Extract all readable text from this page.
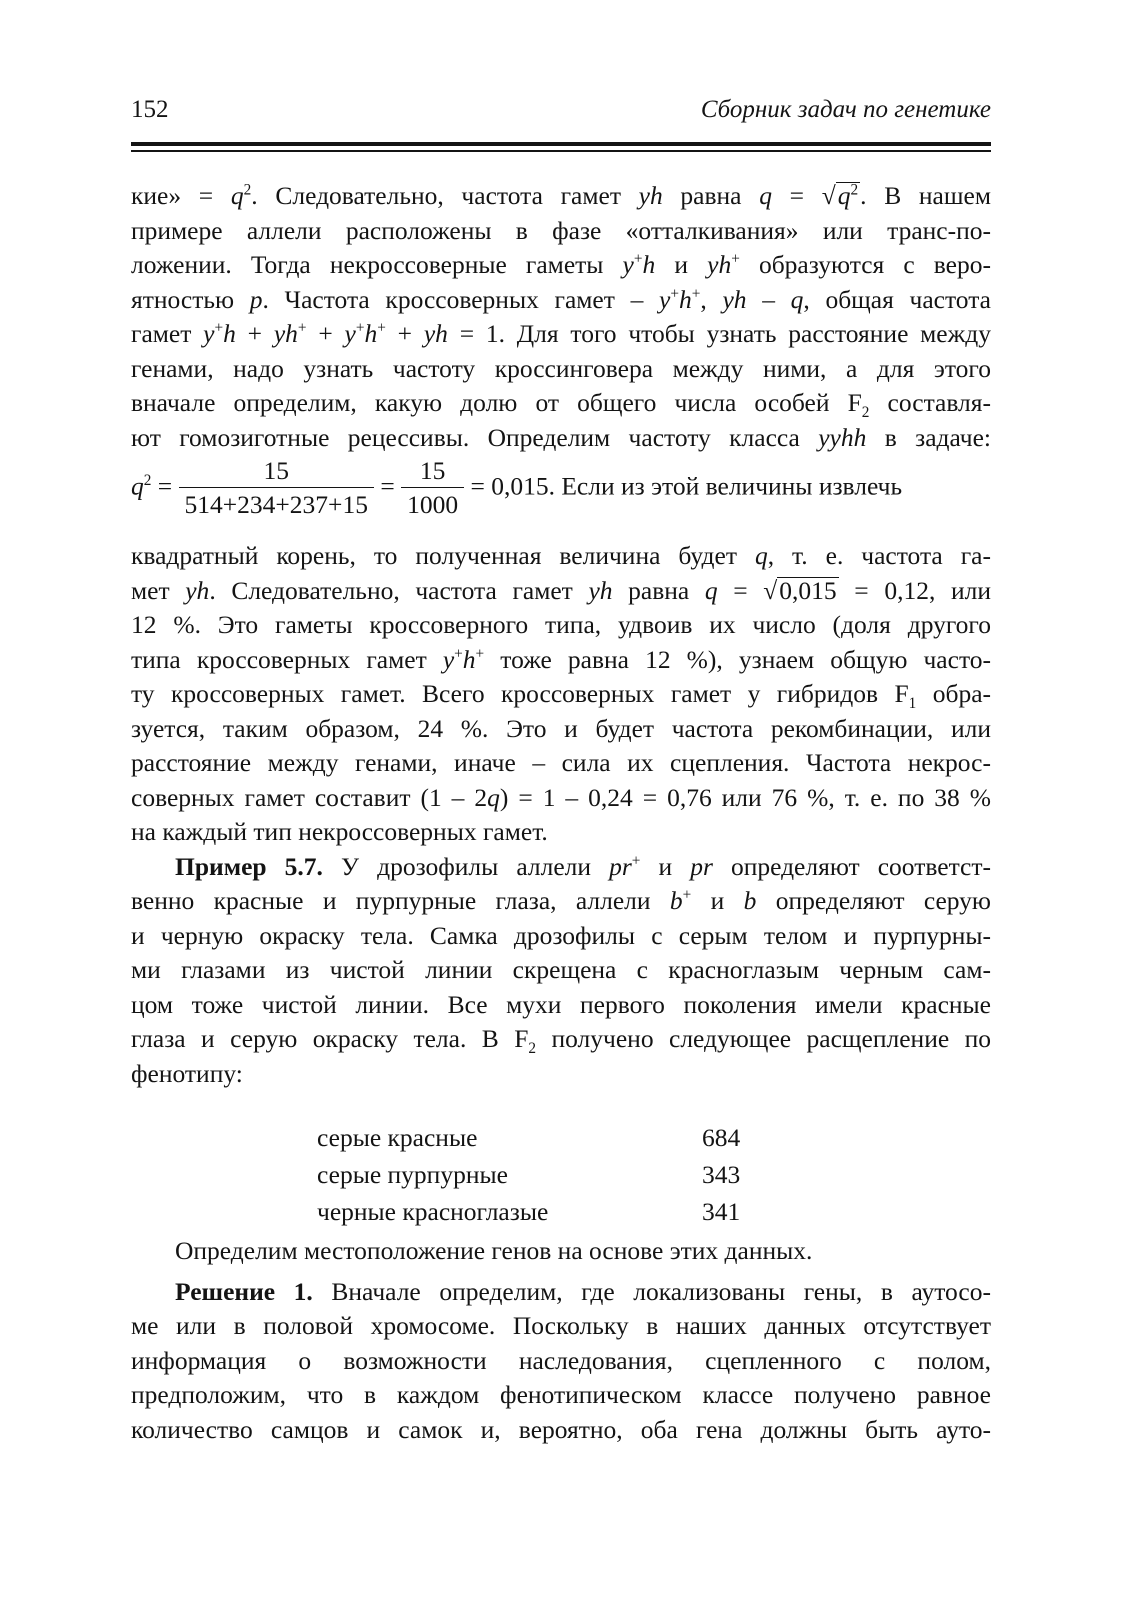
152	Сборник задач по генетике
кие» = $q^2$. Следовательно, частота гамет yh равна $q = √q^2$. В нашем
примере аллели расположены в фазе «отталкивания» или транс-по-
ложении. Тогда некроссоверные гаметы y+h и yh+ образуются с веро-
ятностью p. Частота кроссоверных гамет – y+h+, yh – q, общая частота
гамет y+h + yh+ + y+h+ + yh = 1. Для того чтобы узнать расстояние между
генами, надо узнать частоту кроссинговера между ними, а для этого
вначале определим, какую долю от общего числа особей $F_2$ составля-
ют гомозиготные рецессивы. Определим частоту класса yyhh в задаче:
$q^2 = \frac{15}{514+234+237+15} = \frac{15}{1000} = 0,015$. Если из этой величины извлечь
квадратный корень, то полученная величина будет q, т. е. частота га-
мет yh. Следовательно, частота гамет yh равна q = √0,015 = 0,12, или
12 %. Это гаметы кроссоверного типа, удвоив их число (доля другого
типа кроссоверных гамет y+h+ тоже равна 12 %), узнаем общую часто-
ту кроссоверных гамет. Всего кроссоверных гамет у гибридов $F_1$ обра-
зуется, таким образом, 24 %. Это и будет частота рекомбинации, или
расстояние между генами, иначе – сила их сцепления. Частота некрос-
соверных гамет составит (1 – 2q) = 1 – 0,24 = 0,76 или 76 %, т. е. по 38 %
на каждый тип некроссоверных гамет.
Пример 5.7. У дрозофилы аллели pr+ и pr определяют соответст-
венно красные и пурпурные глаза, аллели b+ и b определяют серую
и черную окраску тела. Самка дрозофилы с серым телом и пурпурны-
ми глазами из чистой линии скрещена с красноглазым черным сам-
цом тоже чистой линии. Все мухи первого поколения имели красные
глаза и серую окраску тела. В $F_2$ получено следующее расщепление по
фенотипу:
серые красные	684
серые пурпурные	343
черные красноглазые	341
Определим местоположение генов на основе этих данных.
Решение 1. Вначале определим, где локализованы гены, в аутосо-
ме или в половой хромосоме. Поскольку в наших данных отсутствует
информация о возможности наследования, сцепленного с полом,
предположим, что в каждом фенотипическом классе получено равное
количество самцов и самок и, вероятно, оба гена должны быть ауто-
